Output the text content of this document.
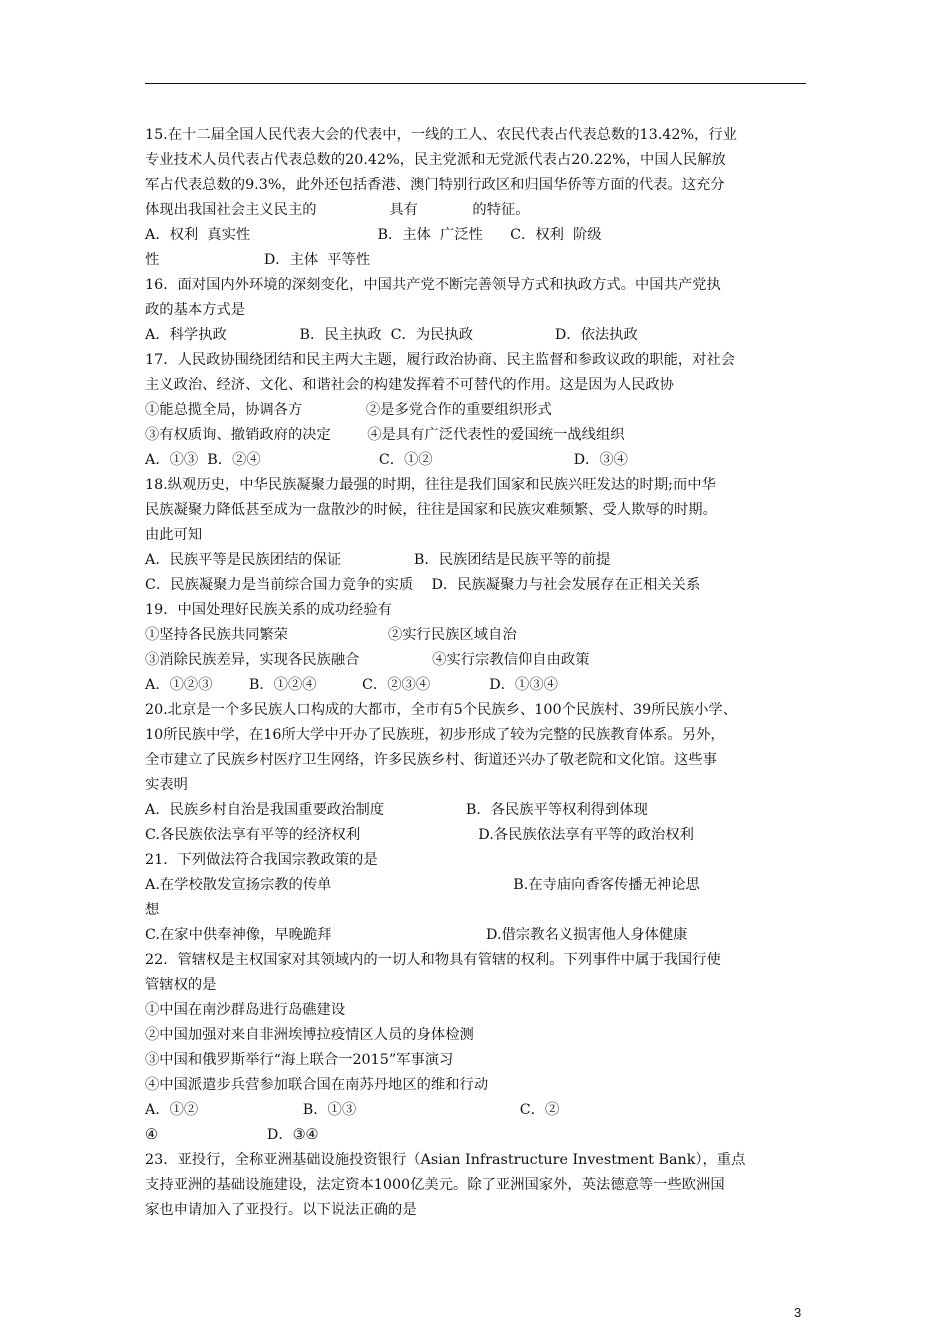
15.在十二届全国人民代表大会的代表中，一线的工人、农民代表占代表总数的13.42%，行业
专业技术人员代表占代表总数的20.42%，民主党派和无党派代表占20.22%，中国人民解放
军占代表总数的9.3%，此外还包括香港、澳门特别行政区和归国华侨等方面的代表。这充分
体现出我国社会主义民主的                具有            的特征。
A．权利  真实性                            B．主体  广泛性      C．权利  阶级
性                       D．主体  平等性
16．面对国内外环境的深刻变化，中国共产党不断完善领导方式和执政方式。中国共产党执
政的基本方式是
A．科学执政                B．民主执政  C．为民执政                  D．依法执政
17．人民政协围绕团结和民主两大主题，履行政治协商、民主监督和参政议政的职能，对社会
主义政治、经济、文化、和谐社会的构建发挥着不可替代的作用。这是因为人民政协
①能总揽全局，协调各方              ②是多党合作的重要组织形式
③有权质询、撤销政府的决定        ④是具有广泛代表性的爱国统一战线组织
A．①③  B．②④                          C．①②                               D．③④
18.纵观历史，中华民族凝聚力最强的时期，往往是我们国家和民族兴旺发达的时期;而中华
民族凝聚力降低甚至成为一盘散沙的时候，往往是国家和民族灾难频繁、受人欺辱的时期。
由此可知
A．民族平等是民族团结的保证                B．民族团结是民族平等的前提
C．民族凝聚力是当前综合国力竞争的实质    D．民族凝聚力与社会发展存在正相关关系
19．中国处理好民族关系的成功经验有
①坚持各民族共同繁荣                      ②实行民族区域自治
③消除民族差异，实现各民族融合                ④实行宗教信仰自由政策
A．①②③        B．①②④          C．②③④             D．①③④
20.北京是一个多民族人口构成的大都市，全市有5个民族乡、100个民族村、39所民族小学、
10所民族中学，在16所大学中开办了民族班，初步形成了较为完整的民族教育体系。另外，
全市建立了民族乡村医疗卫生网络，许多民族乡村、街道还兴办了敬老院和文化馆。这些事
实表明
A．民族乡村自治是我国重要政治制度                  B．各民族平等权利得到体现
C.各民族依法享有平等的经济权利                          D.各民族依法享有平等的政治权利
21．下列做法符合我国宗教政策的是
A.在学校散发宣扬宗教的传单                                        B.在寺庙向香客传播无神论思
想
C.在家中供奉神像，早晚跪拜                                  D.借宗教名义损害他人身体健康
22．管辖权是主权国家对其领域内的一切人和物具有管辖的权利。下列事件中属于我国行使
管辖权的是
①中国在南沙群岛进行岛礁建设
②中国加强对来自非洲埃博拉疫情区人员的身体检测
③中国和俄罗斯举行“海上联合一2015”军事演习
④中国派遣步兵营参加联合国在南苏丹地区的维和行动
A．①②                       B．①③                                    C．②
④                        D．③④
23．亚投行，全称亚洲基础设施投资银行（Asian Infrastructure Investment Bank），重点
支持亚洲的基础设施建设，法定资本1000亿美元。除了亚洲国家外，英法德意等一些欧洲国
家也申请加入了亚投行。以下说法正确的是
3
